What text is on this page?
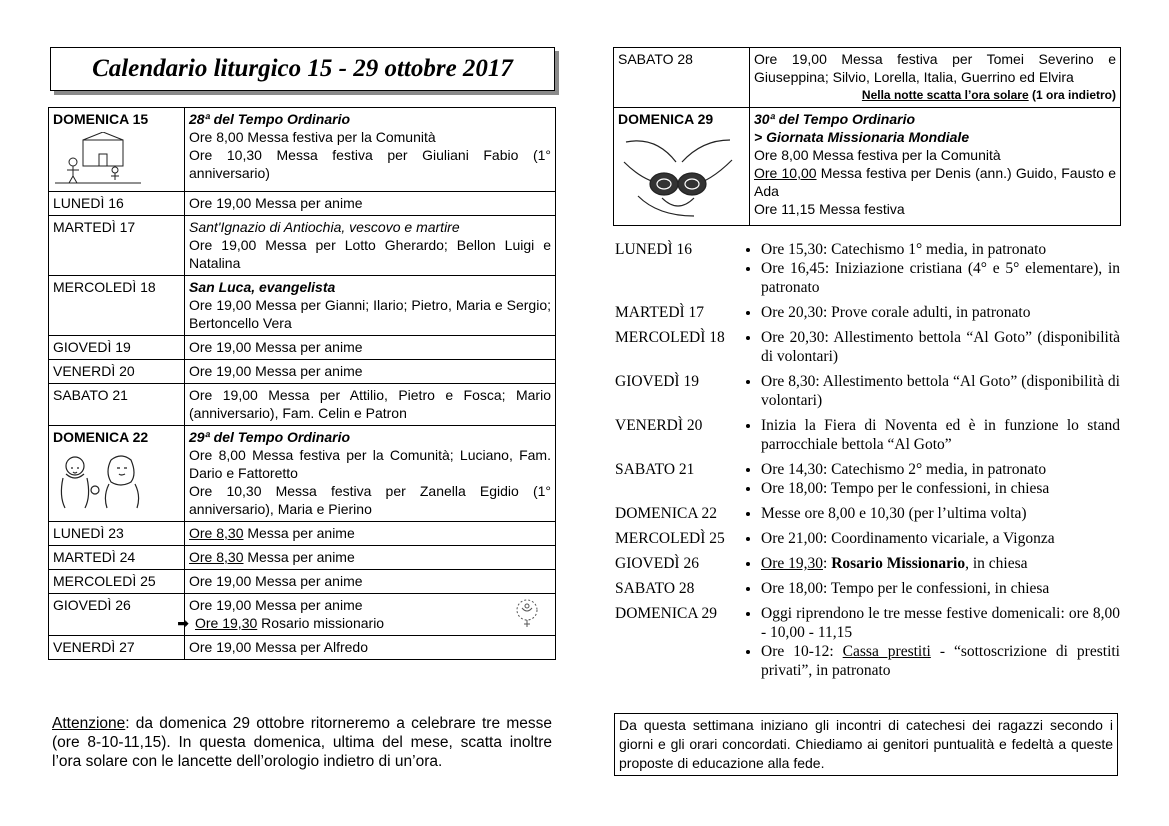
Calendario liturgico 15 - 29 ottobre 2017
DOMENICA 15	28ª del Tempo Ordinario
Ore 8,00 Messa festiva per la Comunità
Ore 10,30 Messa festiva per Giuliani Fabio (1° anniversario)

LUNEDÌ 16	Ore 19,00 Messa per anime

MARTEDÌ 17	Sant'Ignazio di Antiochia, vescovo e martire
Ore 19,00 Messa per Lotto Gherardo; Bellon Luigi e Natalina

MERCOLEDÌ 18	San Luca, evangelista
Ore 19,00 Messa per Gianni; Ilario; Pietro, Maria e Sergio; Bertoncello Vera

GIOVEDÌ 19	Ore 19,00 Messa per anime

VENERDÌ 20	Ore 19,00 Messa per anime

SABATO 21	Ore 19,00 Messa per Attilio, Pietro e Fosca; Mario (anniversario), Fam. Celin e Patron

DOMENICA 22	29ª del Tempo Ordinario
Ore 8,00 Messa festiva per la Comunità; Luciano, Fam. Dario e Fattoretto
Ore 10,30 Messa festiva per Zanella Egidio (1° anniversario), Maria e Pierino

LUNEDÌ 23	Ore 8,30 Messa per anime

MARTEDÌ 24	Ore 8,30 Messa per anime

MERCOLEDÌ 25	Ore 19,00 Messa per anime

GIOVEDÌ 26	Ore 19,00 Messa per anime
➡ Ore 19,30 Rosario missionario

VENERDÌ 27	Ore 19,00 Messa per Alfredo
Attenzione: da domenica 29 ottobre ritorneremo a celebrare tre messe (ore 8-10-11,15). In questa domenica, ultima del mese, scatta inoltre l’ora solare con le lancette dell’orologio indietro di un’ora.
SABATO 28	Ore 19,00 Messa festiva per Tomei Severino e Giuseppina; Silvio, Lorella, Italia, Guerrino ed Elvira
Nella notte scatta l’ora solare (1 ora indietro)

DOMENICA 29	30ª del Tempo Ordinario
> Giornata Missionaria Mondiale
Ore 8,00 Messa festiva per la Comunità
Ore 10,00 Messa festiva per Denis (ann.) Guido, Fausto e Ada
Ore 11,15 Messa festiva
LUNEDÌ 16	• Ore 15,30: Catechismo 1° media, in patronato
• Ore 16,45: Iniziazione cristiana (4° e 5° elementare), in patronato
MARTEDÌ 17	• Ore 20,30: Prove corale adulti, in patronato
MERCOLEDÌ 18	• Ore 20,30: Allestimento bettola “Al Goto” (disponibilità di volontari)
GIOVEDÌ 19	• Ore 8,30: Allestimento bettola “Al Goto” (disponibilità di volontari)
VENERDÌ 20	• Inizia la Fiera di Noventa ed è in funzione lo stand parrocchiale bettola “Al Goto”
SABATO 21	• Ore 14,30: Catechismo 2° media, in patronato
• Ore 18,00: Tempo per le confessioni, in chiesa
DOMENICA 22	• Messe ore 8,00 e 10,30 (per l’ultima volta)
MERCOLEDÌ 25	• Ore 21,00: Coordinamento vicariale, a Vigonza
GIOVEDÌ 26	• Ore 19,30: Rosario Missionario, in chiesa
SABATO 28	• Ore 18,00: Tempo per le confessioni, in chiesa
DOMENICA 29	• Oggi riprendono le tre messe festive domenicali: ore 8,00 - 10,00 - 11,15
• Ore 10-12: Cassa prestiti - “sottoscrizione di prestiti privati”, in patronato
Da questa settimana iniziano gli incontri di catechesi dei ragazzi secondo i giorni e gli orari concordati. Chiediamo ai genitori puntualità e fedeltà a queste proposte di educazione alla fede.
